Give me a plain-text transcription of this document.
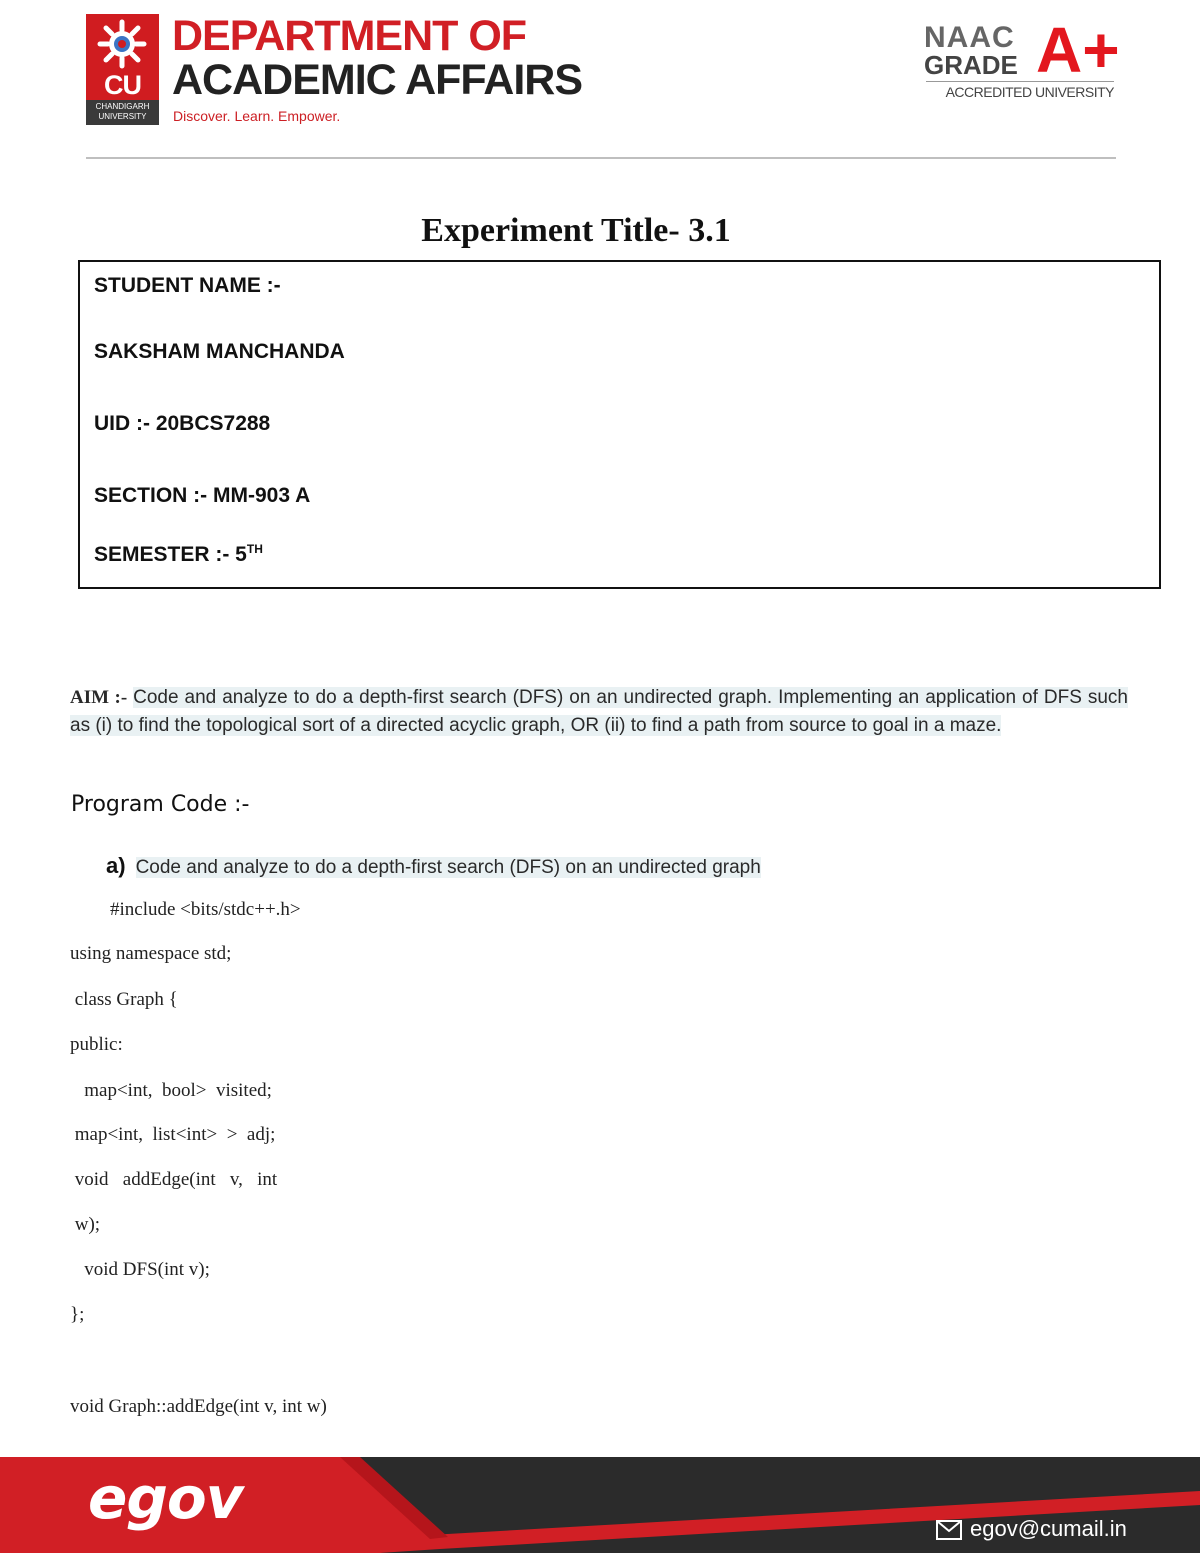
CU
CHANDIGARH
UNIVERSITY
DEPARTMENT OF
ACADEMIC AFFAIRS
Discover. Learn. Empower.
NAAC
GRADE A+
ACCREDITED UNIVERSITY
Experiment Title- 3.1
STUDENT NAME :-
SAKSHAM MANCHANDA
UID :- 20BCS7288
SECTION :- MM-903 A
SEMESTER :- 5TH
AIM :- Code and analyze to do a depth-first search (DFS) on an undirected graph. Implementing an application of DFS such as (i) to find the topological sort of a directed acyclic graph, OR (ii) to find a path from source to goal in a maze.
Program Code :-
a) Code and analyze to do a depth-first search (DFS) on an undirected graph
#include <bits/stdc++.h>
using namespace std;
class Graph {
public:
map<int,  bool>  visited;
map<int,  list<int>  >  adj;
void   addEdge(int   v,   int
w);
void DFS(int v);
};
void Graph::addEdge(int v, int w)
egov	egov@cumail.in
